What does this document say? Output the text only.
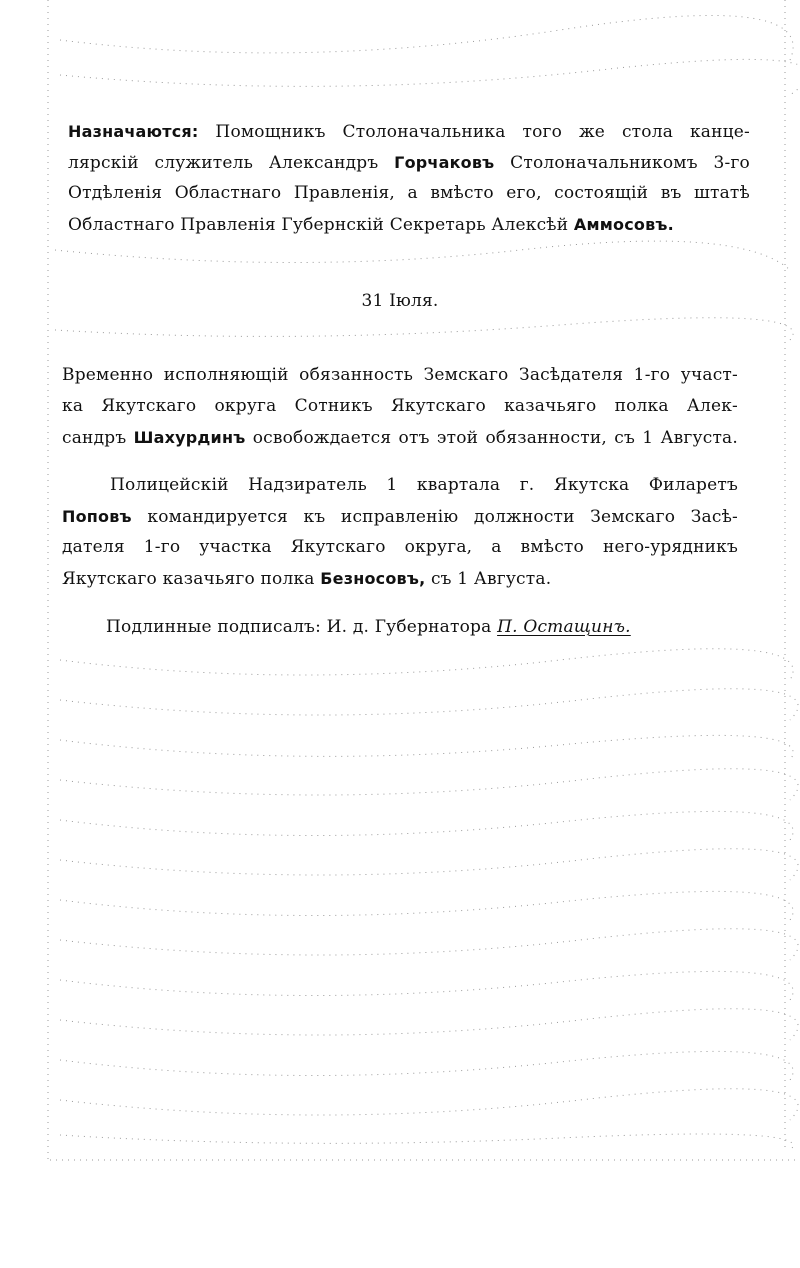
Назначаются: Помощникъ Столоначальника того же стола канце-
лярскій служитель Александръ Горчаковъ Столоначальникомъ 3-го
Отдѣленія Областнаго Правленія, а вмѣсто его, состоящій въ штатѣ
Областнаго Правленія Губернскій Секретарь Алексѣй Аммосовъ.
31 Іюля.
Временно исполняющій обязанность Земскаго Засѣдателя 1-го участ-
ка Якутскаго округа Сотникъ Якутскаго казачьяго полка Алек-
сандръ Шахурдинъ освобождается отъ этой обязанности, съ 1 Августа.
Полицейскій Надзиратель 1 квартала г. Якутска Филаретъ
Поповъ командируется къ исправленію должности Земскаго Засѣ-
дателя 1-го участка Якутскаго округа, а вмѣсто него-урядникъ
Якутскаго казачьяго полка Безносовъ, съ 1 Августа.
Подлинные подписалъ: И. д. Губернатора П. Остащинъ.
